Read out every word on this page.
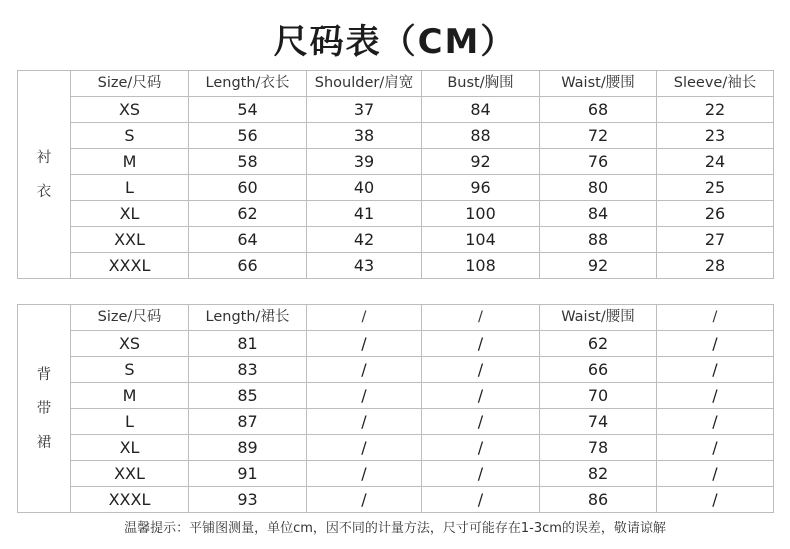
尺码表（CM）
衬
衣	Size/尺码	Length/衣长	Shoulder/肩宽	Bust/胸围	Waist/腰围	Sleeve/袖长
	XS	54	37	84	68	22
	S	56	38	88	72	23
	M	58	39	92	76	24
	L	60	40	96	80	25
	XL	62	41	100	84	26
	XXL	64	42	104	88	27
	XXXL	66	43	108	92	28
背
带
裙	Size/尺码	Length/裙长	/	/	Waist/腰围	/
	XS	81	/	/	62	/
	S	83	/	/	66	/
	M	85	/	/	70	/
	L	87	/	/	74	/
	XL	89	/	/	78	/
	XXL	91	/	/	82	/
	XXXL	93	/	/	86	/
温馨提示：平铺图测量，单位cm，因不同的计量方法，尺寸可能存在1-3cm的误差，敬请谅解
